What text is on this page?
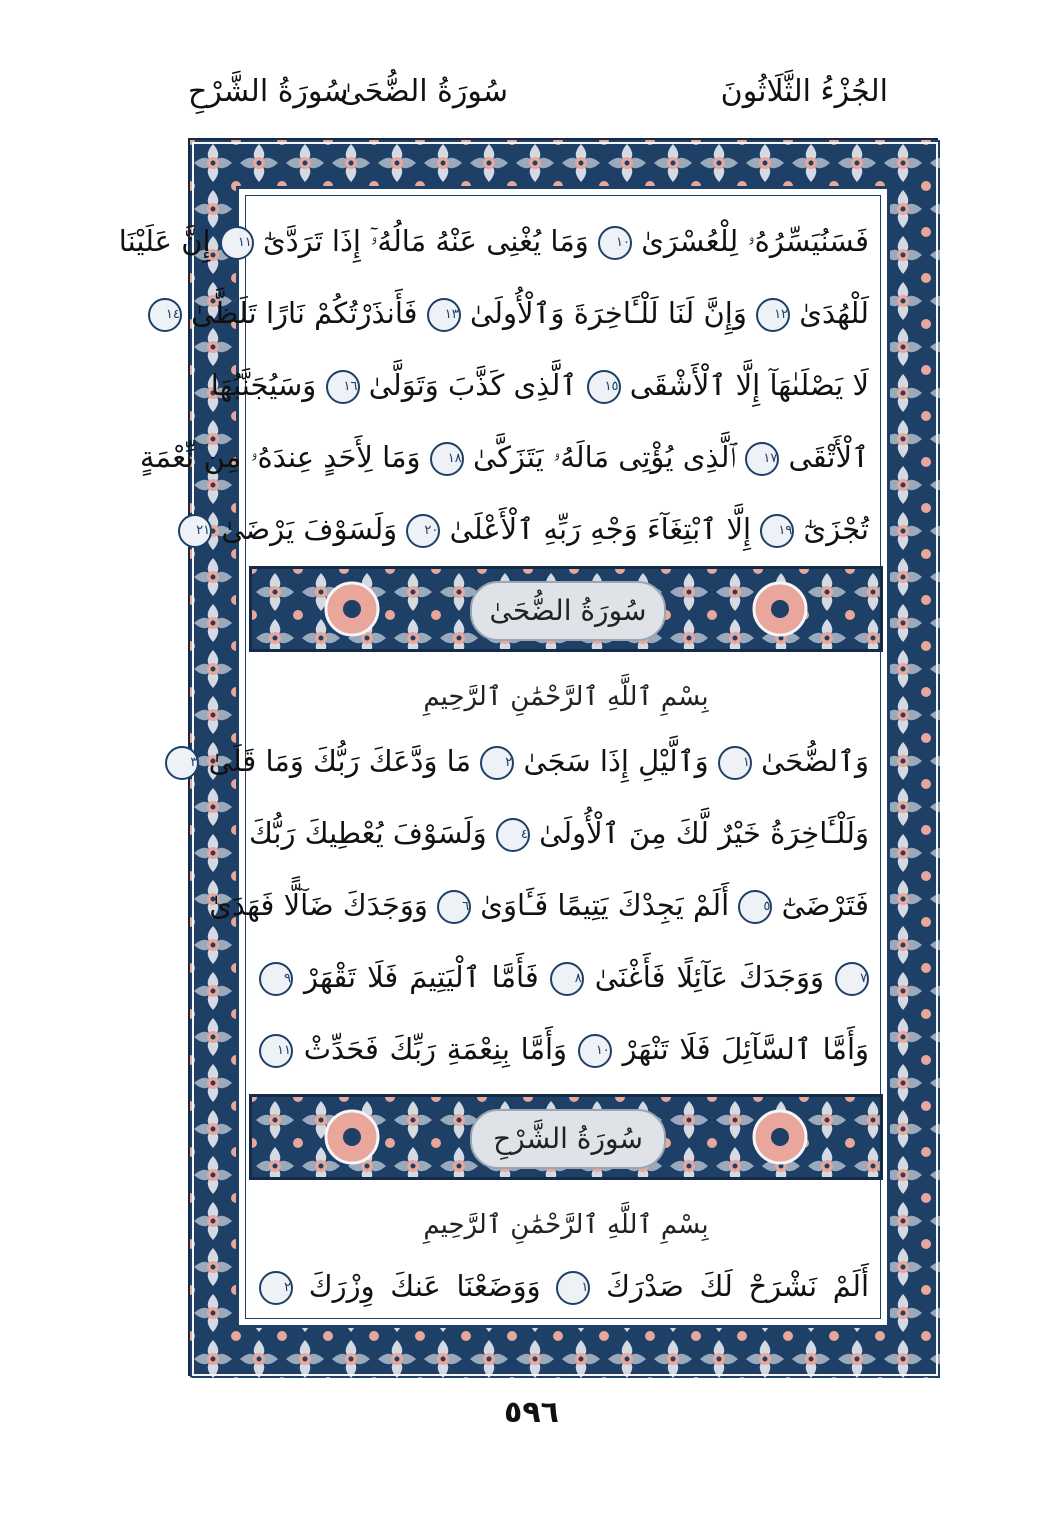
الجُزْءُ الثَّلَاثُونَ
سُورَةُ الضُّحَىٰ
سُورَةُ الشَّرْحِ
فَسَنُيَسِّرُهُۥ لِلْعُسْرَىٰ ١٠ وَمَا يُغْنِى عَنْهُ مَالُهُۥٓ إِذَا تَرَدَّىٰٓ ١١ إِنَّ عَلَيْنَا
لَلْهُدَىٰ ١٢ وَإِنَّ لَنَا لَلْـَٔاخِرَةَ وَٱلْأُولَىٰ ١٣ فَأَنذَرْتُكُمْ نَارًا تَلَظَّىٰ ١٤
لَا يَصْلَىٰهَآ إِلَّا ٱلْأَشْقَى ١٥ ٱلَّذِى كَذَّبَ وَتَوَلَّىٰ ١٦ وَسَيُجَنَّبُهَا
ٱلْأَتْقَى ١٧ ٱلَّذِى يُؤْتِى مَالَهُۥ يَتَزَكَّىٰ ١٨ وَمَا لِأَحَدٍ عِندَهُۥ مِن نِّعْمَةٍ
تُجْزَىٰٓ ١٩ إِلَّا ٱبْتِغَآءَ وَجْهِ رَبِّهِ ٱلْأَعْلَىٰ ٢٠ وَلَسَوْفَ يَرْضَىٰ ٢١
سُورَةُ الضُّحَىٰ
بِسْمِ ٱللَّهِ ٱلرَّحْمَٰنِ ٱلرَّحِيمِ
وَٱلضُّحَىٰ ١ وَٱلَّيْلِ إِذَا سَجَىٰ ٢ مَا وَدَّعَكَ رَبُّكَ وَمَا قَلَىٰ ٣
وَلَلْـَٔاخِرَةُ خَيْرٌ لَّكَ مِنَ ٱلْأُولَىٰ ٤ وَلَسَوْفَ يُعْطِيكَ رَبُّكَ
فَتَرْضَىٰٓ ٥ أَلَمْ يَجِدْكَ يَتِيمًا فَـَٔاوَىٰ ٦ وَوَجَدَكَ ضَآلًّا فَهَدَىٰ
٧ وَوَجَدَكَ عَآئِلًا فَأَغْنَىٰ ٨ فَأَمَّا ٱلْيَتِيمَ فَلَا تَقْهَرْ ٩
وَأَمَّا ٱلسَّآئِلَ فَلَا تَنْهَرْ ١٠ وَأَمَّا بِنِعْمَةِ رَبِّكَ فَحَدِّثْ ١١
سُورَةُ الشَّرْحِ
بِسْمِ ٱللَّهِ ٱلرَّحْمَٰنِ ٱلرَّحِيمِ
أَلَمْ نَشْرَحْ لَكَ صَدْرَكَ ١ وَوَضَعْنَا عَنكَ وِزْرَكَ ٢
٥٩٦
